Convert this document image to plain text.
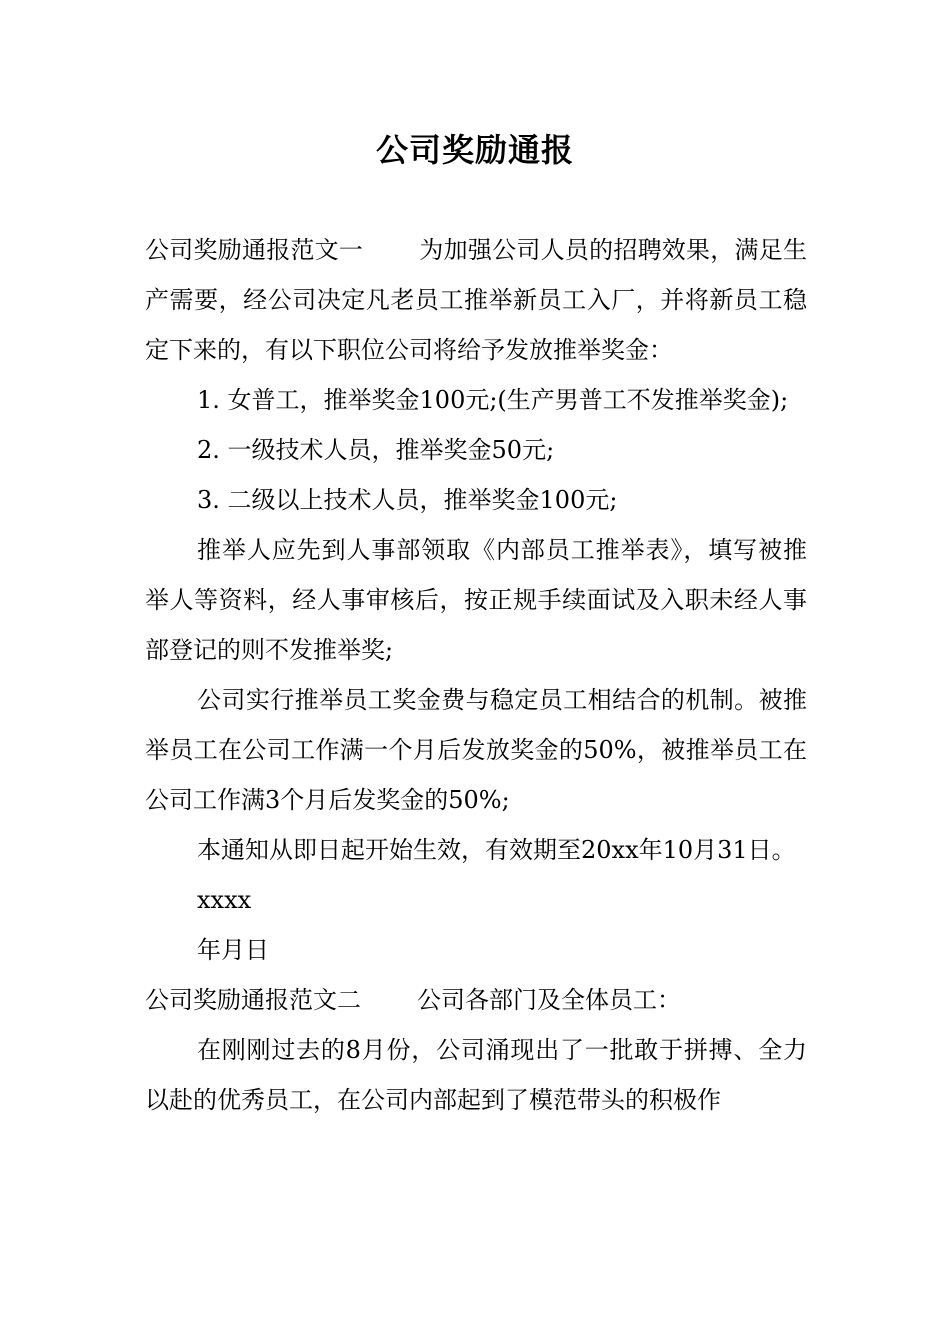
公司奖励通报

公司奖励通报范文一 为加强公司人员的招聘效果，满足生产需要，经公司决定凡老员工推举新员工入厂，并将新员工稳定下来的，有以下职位公司将给予发放推举奖金：

1. 女普工，推举奖金100元;(生产男普工不发推举奖金);

2. 一级技术人员，推举奖金50元;

3. 二级以上技术人员，推举奖金100元;

推举人应先到人事部领取《内部员工推举表》，填写被推举人等资料，经人事审核后，按正规手续面试及入职未经人事部登记的则不发推举奖;

公司实行推举员工奖金费与稳定员工相结合的机制。被推举员工在公司工作满一个月后发放奖金的50%，被推举员工在公司工作满3个月后发奖金的50%;

本通知从即日起开始生效，有效期至20xx年10月31日。

xxxx

年月日

公司奖励通报范文二 公司各部门及全体员工：

在刚刚过去的8月份，公司涌现出了一批敢于拼搏、全力以赴的优秀员工，在公司内部起到了模范带头的积极作
